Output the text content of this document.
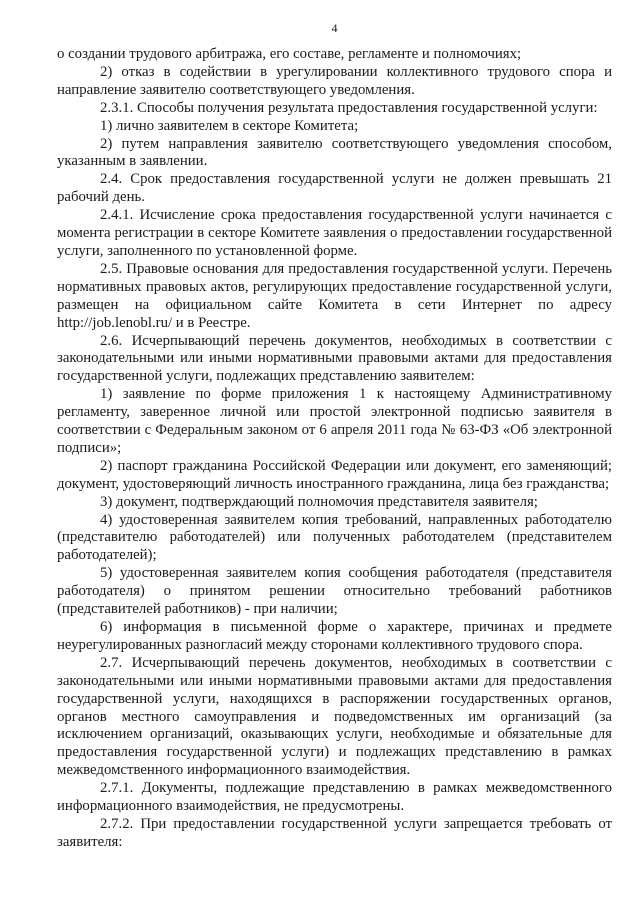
4

о создании трудового арбитража, его составе, регламенте и полномочиях;

2) отказ в содействии в урегулировании коллективного трудового спора и направление заявителю соответствующего уведомления.

2.3.1. Способы получения результата предоставления государственной услуги:

1) лично заявителем в секторе Комитета;

2) путем направления заявителю соответствующего уведомления способом, указанным в заявлении.

2.4. Срок предоставления государственной услуги не должен превышать 21 рабочий день.

2.4.1. Исчисление срока предоставления государственной услуги начинается с момента регистрации в секторе Комитете заявления о предоставлении государственной услуги, заполненного по установленной форме.

2.5. Правовые основания для предоставления государственной услуги. Перечень нормативных правовых актов, регулирующих предоставление государственной услуги, размещен на официальном сайте Комитета в сети Интернет по адресу http://job.lenobl.ru/ и в Реестре.

2.6. Исчерпывающий перечень документов, необходимых в соответствии с законодательными или иными нормативными правовыми актами для предоставления государственной услуги, подлежащих представлению заявителем:

1) заявление по форме приложения 1 к настоящему Административному регламенту, заверенное личной или простой электронной подписью заявителя в соответствии с Федеральным законом от 6 апреля 2011 года № 63-ФЗ «Об электронной подписи»;

2) паспорт гражданина Российской Федерации или документ, его заменяющий; документ, удостоверяющий личность иностранного гражданина, лица без гражданства;

3) документ, подтверждающий полномочия представителя заявителя;

4) удостоверенная заявителем копия требований, направленных работодателю (представителю работодателей) или полученных работодателем (представителем работодателей);

5) удостоверенная заявителем копия сообщения работодателя (представителя работодателя) о принятом решении относительно требований работников (представителей работников) - при наличии;

6) информация в письменной форме о характере, причинах и предмете неурегулированных разногласий между сторонами коллективного трудового спора.

2.7. Исчерпывающий перечень документов, необходимых в соответствии с законодательными или иными нормативными правовыми актами для предоставления государственной услуги, находящихся в распоряжении государственных органов, органов местного самоуправления и подведомственных им организаций (за исключением организаций, оказывающих услуги, необходимые и обязательные для предоставления государственной услуги) и подлежащих представлению в рамках межведомственного информационного взаимодействия.

2.7.1. Документы, подлежащие представлению в рамках межведомственного информационного взаимодействия, не предусмотрены.

2.7.2. При предоставлении государственной услуги запрещается требовать от заявителя:
